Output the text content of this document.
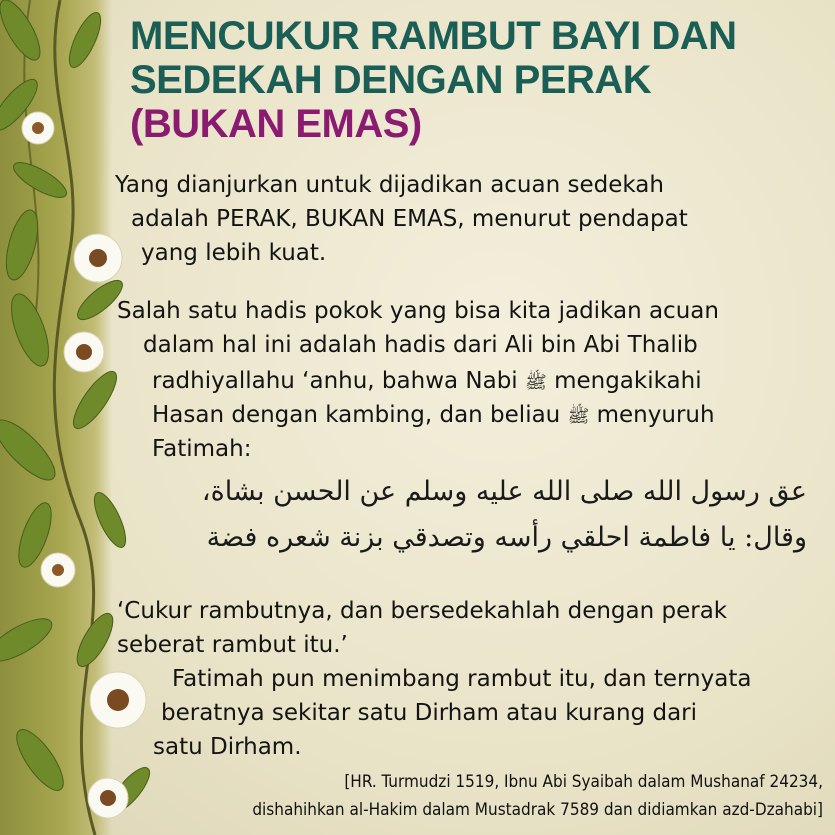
MENCUKUR RAMBUT BAYI DAN
SEDEKAH DENGAN PERAK
(BUKAN EMAS)
Yang dianjurkan untuk dijadikan acuan sedekah
adalah PERAK, BUKAN EMAS, menurut pendapat
yang lebih kuat.
Salah satu hadis pokok yang bisa kita jadikan acuan
dalam hal ini adalah hadis dari Ali bin Abi Thalib
radhiyallahu ‘anhu, bahwa Nabi ﷺ mengakikahi
Hasan dengan kambing, dan beliau ﷺ menyuruh
Fatimah:
عق رسول الله صلى الله عليه وسلم عن الحسن بشاة،
وقال: يا فاطمة احلقي رأسه وتصدقي بزنة شعره فضة
‘Cukur rambutnya, dan bersedekahlah dengan perak
seberat rambut itu.’
Fatimah pun menimbang rambut itu, dan ternyata
beratnya sekitar satu Dirham atau kurang dari
satu Dirham.
[HR. Turmudzi 1519, Ibnu Abi Syaibah dalam Mushanaf 24234,
dishahihkan al-Hakim dalam Mustadrak 7589 dan didiamkan azd-Dzahabi]
